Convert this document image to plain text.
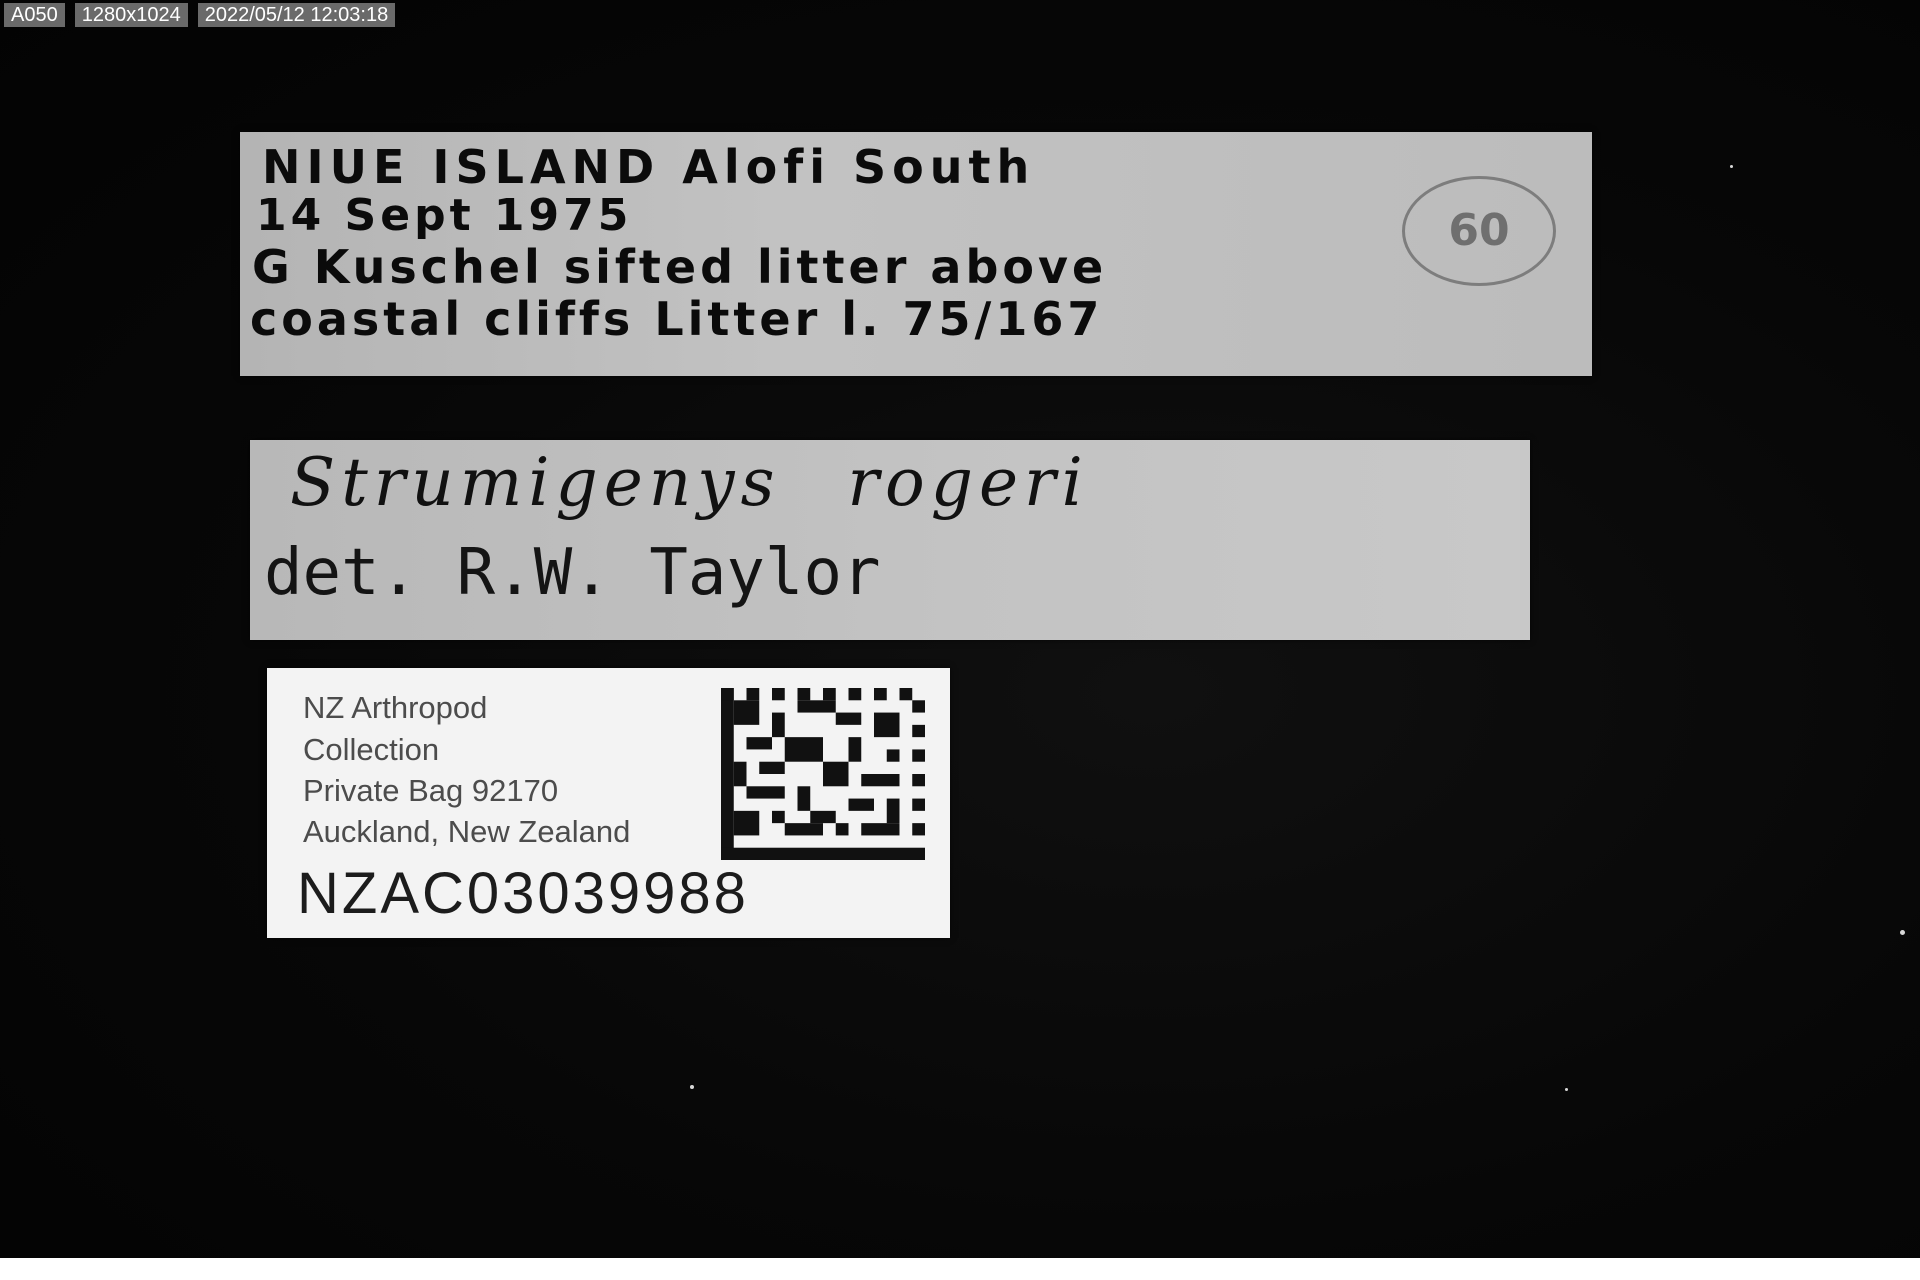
A050	1280x1024	2022/05/12 12:03:18
NIUE ISLAND Alofi South
14 Sept 1975
G Kuschel sifted litter above
coastal cliffs Litter l. 75/167
60
Strumigenys rogeri
det. R.W. Taylor
NZ Arthropod
Collection
Private Bag 92170
Auckland, New Zealand
NZAC03039988
